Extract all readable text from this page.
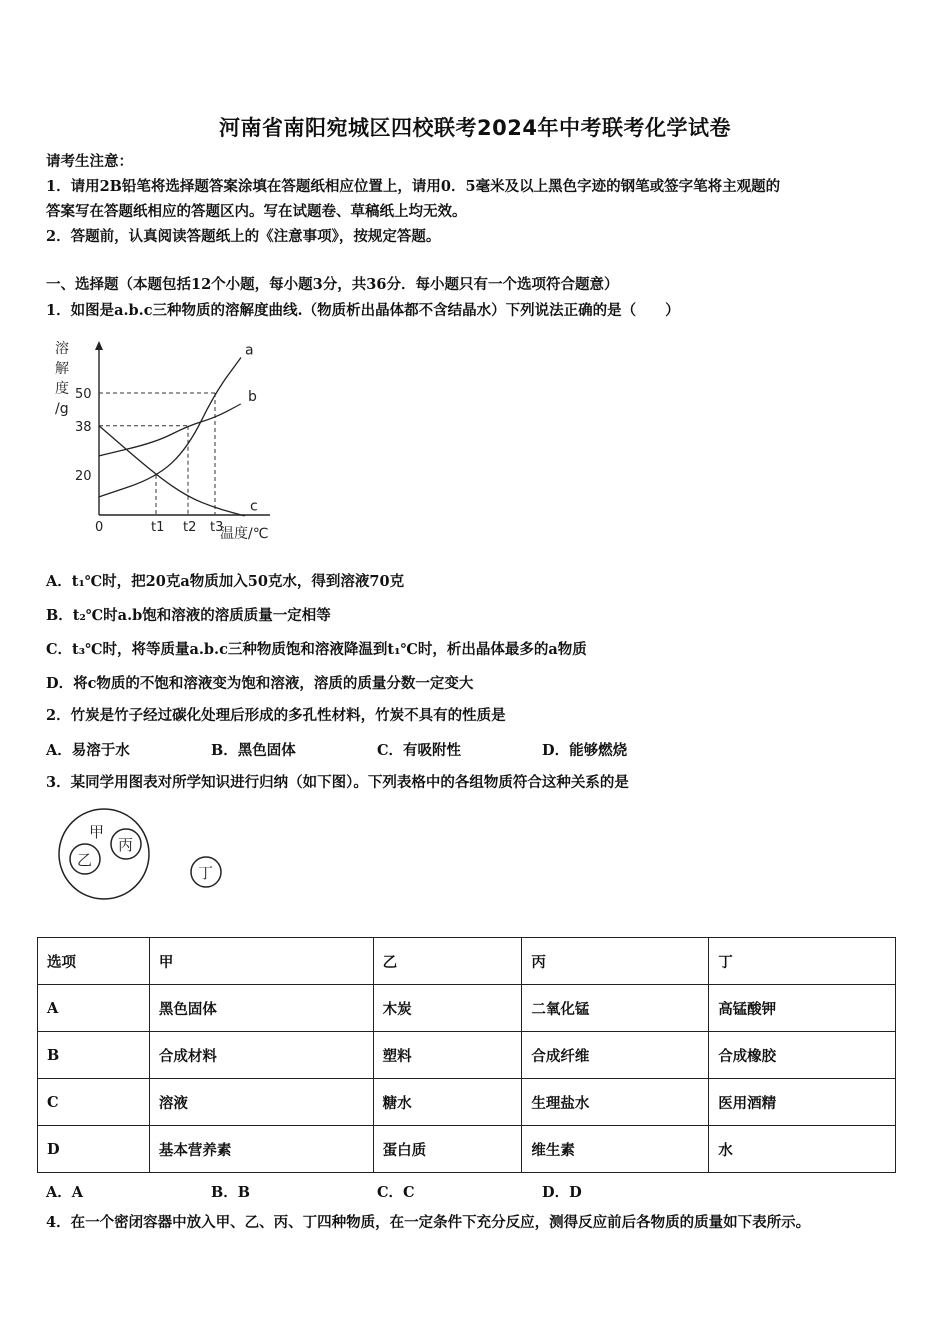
河南省南阳宛城区四校联考2024年中考联考化学试卷
请考生注意：
1．请用2B铅笔将选择题答案涂填在答题纸相应位置上，请用0．5毫米及以上黑色字迹的钢笔或签字笔将主观题的
答案写在答题纸相应的答题区内。写在试题卷、草稿纸上均无效。
2．答题前，认真阅读答题纸上的《注意事项》，按规定答题。
一、选择题（本题包括12个小题，每小题3分，共36分．每小题只有一个选项符合题意）
1．如图是a.b.c三种物质的溶解度曲线.（物质析出晶体都不含结晶水）下列说法正确的是（　　）
溶
解
度
/g
50
38
20
t1 t2 t3
a
b
c
0	温度/℃
A．t₁℃时，把20克a物质加入50克水，得到溶液70克
B．t₂℃时a.b饱和溶液的溶质质量一定相等
C．t₃℃时，将等质量a.b.c三种物质饱和溶液降温到t₁℃时，析出晶体最多的a物质
D．将c物质的不饱和溶液变为饱和溶液，溶质的质量分数一定变大
2．竹炭是竹子经过碳化处理后形成的多孔性材料，竹炭不具有的性质是
A．易溶于水	B．黑色固体	C．有吸附性	D．能够燃烧
3．某同学用图表对所学知识进行归纳（如下图）。下列表格中的各组物质符合这种关系的是
甲
乙
丙
丁
选项	甲	乙	丙	丁
A	黑色固体	木炭	二氧化锰	高锰酸钾
B	合成材料	塑料	合成纤维	合成橡胶
C	溶液	糖水	生理盐水	医用酒精
D	基本营养素	蛋白质	维生素	水
A．A	B．B	C．C	D．D
4．在一个密闭容器中放入甲、乙、丙、丁四种物质，在一定条件下充分反应，测得反应前后各物质的质量如下表所示。
